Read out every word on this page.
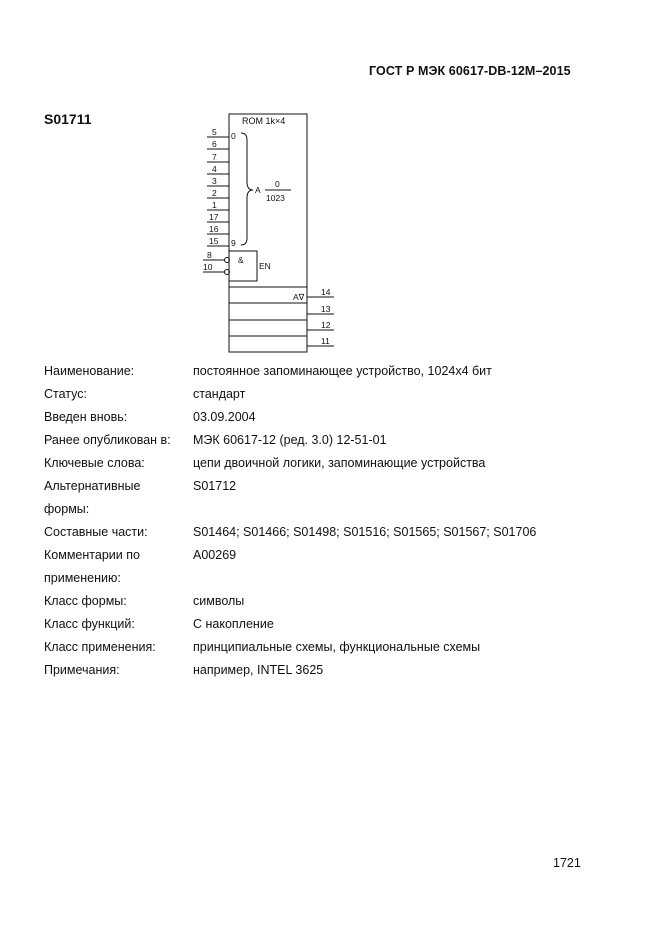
ГОСТ Р МЭК 60617-DB-12M–2015
S01711	ROM 1k×4
0
9
5
6
7
4
3
2
1
17
16
15
A
0
1023
&
8
10	EN
A∇ 14
13
12
11
Наименование:	постоянное запоминающее устройство, 1024x4 бит
Статус:	стандарт
Введен вновь:	03.09.2004
Ранее опубликован в:	МЭК 60617-12 (ред. 3.0) 12-51-01
Ключевые слова:	цепи двоичной логики, запоминающие устройства
Альтернативные	S01712
формы:
Составные части:	S01464; S01466; S01498; S01516; S01565; S01567; S01706
Комментарии по	A00269
применению:
Класс формы:	символы
Класс функций:	С накопление
Класс применения:	принципиальные схемы, функциональные схемы
Примечания:	например, INTEL 3625
1721
